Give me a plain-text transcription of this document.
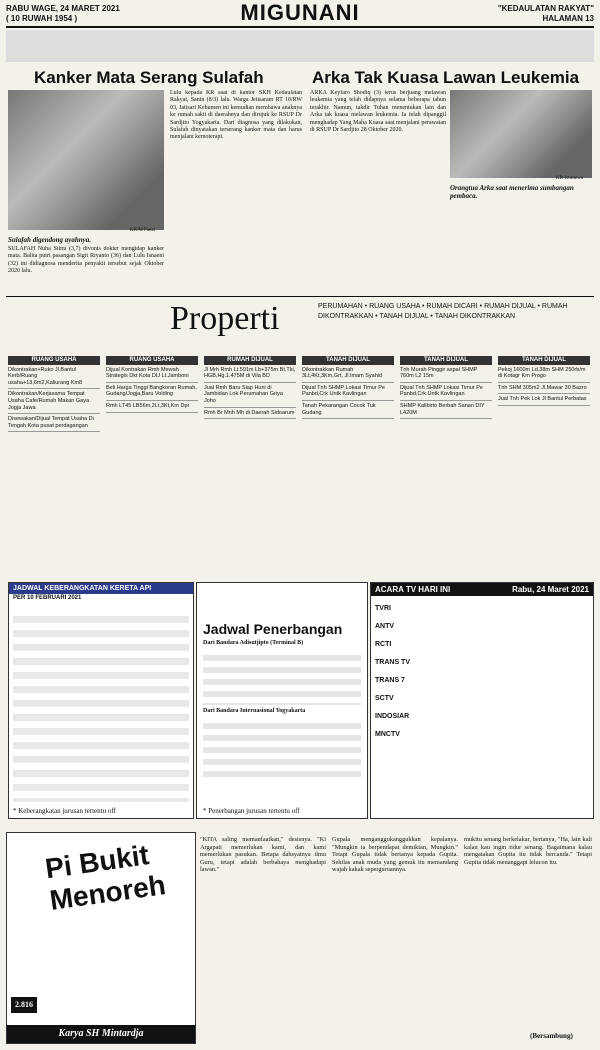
RABU WAGE, 24 MARET 2021
( 10 RUWAH 1954 )	MIGUNANI	"KEDAULATAN RAKYAT"
HALAMAN 13
Kanker Mata Serang Sulafah
KR/M Fauzi
Sulafah digendong ayahnya.
SULAFAH Nuha Silmi (3,7) divonis dokter mengidap kanker mata. Balita putri pasangan Sigit Riyanto (36) dan Lulu Isnaeni (32) ini didiagnosa menderita penyakit tersebut sejak Oktober 2020 lalu.
Lulu kepada KR saat di kantor SKH Kedaulatan Rakyat, Sanin (8/3) lalu. Warga Jetisaram RT 10/RW 03, Jatisari Kebumen ini kemudian membawa anaknya ke rumah sakit di daerahnya dan dirujuk ke RSUP Dr Sardjito Yogyakarta. Dari diagnosa yang dilakukan, Sulafah dinyatakan terserang kanker mata dan harus menjalani kemoterapi.
Arka Tak Kuasa Lawan Leukemia
ARKA Keyfaro Shodiq (3) terus berjuang melawan leukemia yang telah didapnya selama beberapa tahun terakhir. Namun, takdir Tuhan menentukan lain dan Arka tak kuasa melawan leukemia. Ia telah dipanggil menghadap Yang Maha Kuasa saat menjalani perawatan di RSUP Dr Sardjito 28 Oktober 2020.
KR-Istimewa
Orangtua Arka saat menerima sumbangan pembaca.
Properti	PERUMAHAN • RUANG USAHA • RUMAH DICARI • RUMAH DIJUAL • RUMAH DIKONTRAKKAN • TANAH DIJUAL • TANAH DIKONTRAKKAN
RUANG USAHA
Dikontrakan+Ruko Jl.Bantul Kerb/Ruang usaha+13,6m2,Kaliurang Km8
Dikontrakan/Kerjasama Tempat Usaha Cafe/Rumah Makan Gaya Jogja Jawa
Disewakan/Dijual Tempat Usaha Di Tengah Kota pusat perdagangan
RUANG USAHA
Dijual Kontrakan Rmh Mewah Strategis Dkt Kota DIJ Lt.Jamboni
Beli Harga Tinggi Bangkoran Rumah, Gudang/Jogja,Baru Volding
Rmh LT45 LB56m,2Lt,3Kt,Km Dpr
RUMAH DIJUAL
Jl Mrh Rmh Lt.591m Lb+375m Bt.Tki, HGB,Hg.1.475M di Vila BD
Jual Rmh Baru Siap Huni di Jambidan Lok Perumahan Griya Joho
Rmh Br Mnh Mh di Daerah Sidoarum
TANAH DIJUAL
Dikontrakkan Rumah 3Lt,4Kt,3Km,Grt, Jl.Imam Syahid
Dijual Tnh SHMP Lokasi Timur Pe Panbd,Crk Untk Kavlingan
Tanah Pekarangan Cocok Tuk Gudang
TANAH DIJUAL
Tnh Murah Pinggir aspal SHMP 760m L2 15m
Dijual Tnh SHMP Lokasi Timur Pe Panbd,Crk Untk Kavlingan
SHMP Kalibirto Berbah Sanan DIY L420M
TANAH DIJUAL
Pekoj 1600m Ld.38m SHM 250rb/m di Kotagr Km Progo
Tnh SHM 305m2 Jl.Mawar 30 Bazro
Jual Tnh Pek Lok Jl Bantul Perbatas
JADWAL KEBERANGKATAN KERETA API
PER 10 FEBRUARI 2021
* Keberangkatan jurusan tertentu off
Jadwal Penerbangan
Dari Bandara Adisutjipto (Terminal B)
Dari Bandara Internasional Yogyakarta
* Penerbangan jurusan tertentu off
ACARA TV HARI INI	Rabu, 24 Maret 2021
TVRI
ANTV
RCTI
TRANS TV
TRANS 7
SCTV
INDOSIAR
MNCTV
Pi Bukit Menoreh
2.816
Karya SH Mintardja
"KITA saling memanfaatkan," desisnya. "Ki Argapati memerlukan kami, dan kami memerlukan pasukan. Betapa dahsyatnya ilmu Guru, tetapi adalah berbahaya menghadapi lawan."
Gupala menganggukanggukkan kepalanya. "Mungkin ia berpendapat demikian, Mungkin." Tetapi Gupala tidak bertanya kepada Gupita. Sekilas anak muda yang gemuk itu memandang wajah kakak seperguruannya.
mukitu senang berkelakar, bertanya, "Ha, lain kali kalau kau ingin tidur senang. Bagaimana kalau mengatakan Gupita itu tidak bercanda." Tetapi Gupita tidak menanggapi lelucon itu.
(Bersambung)
